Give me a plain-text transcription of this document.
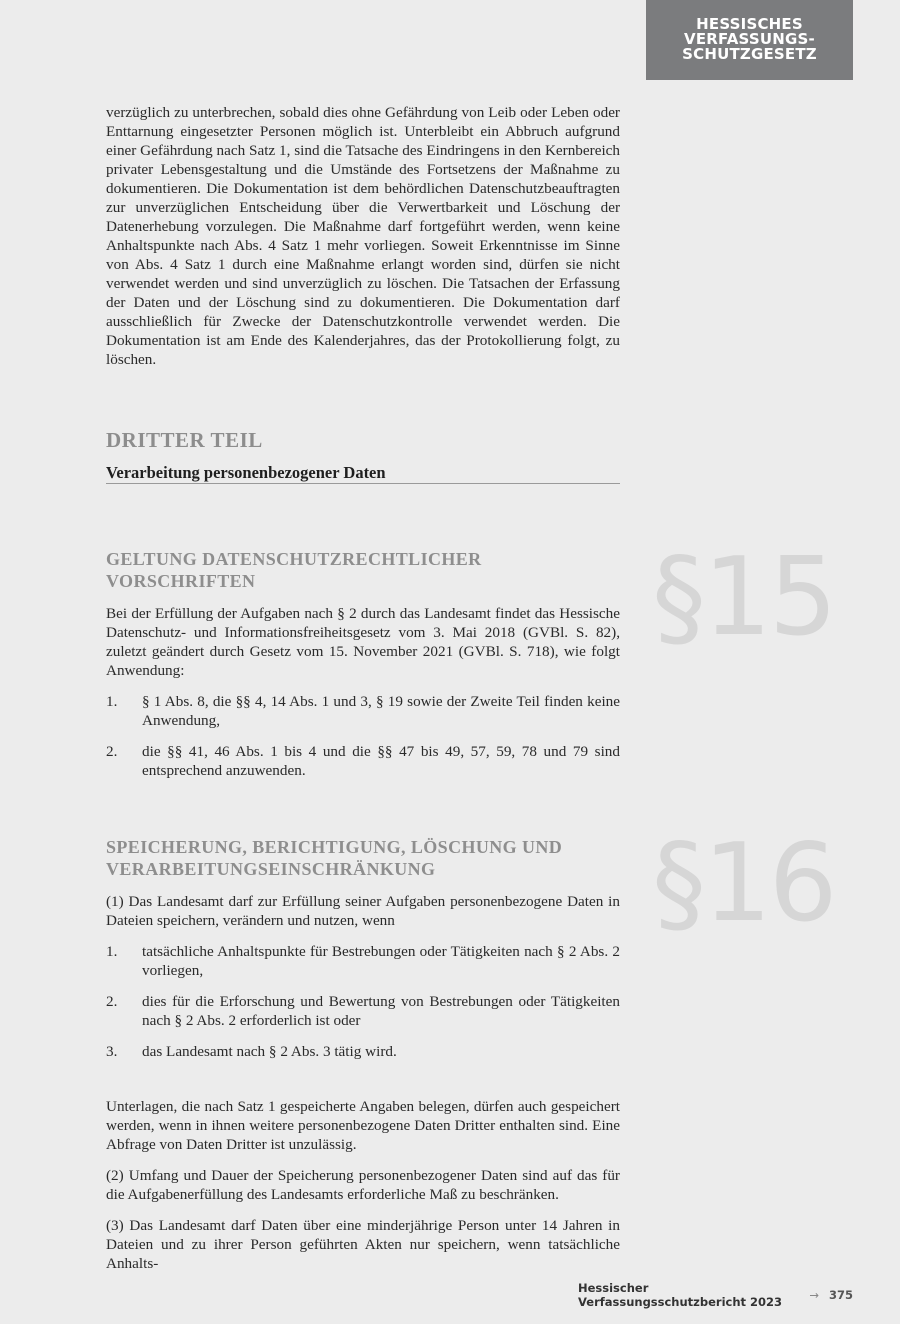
HESSISCHES
VERFASSUNGS-
SCHUTZGESETZ

verzüglich zu unterbrechen, sobald dies ohne Gefährdung von Leib oder Leben oder Enttarnung eingesetzter Personen möglich ist. Unterbleibt ein Abbruch aufgrund einer Gefährdung nach Satz 1, sind die Tatsache des Eindringens in den Kernbereich privater Lebensgestaltung und die Umstände des Fortsetzens der Maßnahme zu dokumentieren. Die Dokumentation ist dem behördlichen Datenschutzbeauftragten zur unverzüglichen Entscheidung über die Verwertbarkeit und Löschung der Datenerhebung vorzulegen. Die Maßnahme darf fortgeführt werden, wenn keine Anhaltspunkte nach Abs. 4 Satz 1 mehr vorliegen. Soweit Erkenntnisse im Sinne von Abs. 4 Satz 1 durch eine Maßnahme erlangt worden sind, dürfen sie nicht verwendet werden und sind unverzüglich zu löschen. Die Tatsachen der Erfassung der Daten und der Löschung sind zu dokumentieren. Die Dokumentation darf ausschließlich für Zwecke der Datenschutzkontrolle verwendet werden. Die Dokumentation ist am Ende des Kalenderjahres, das der Protokollierung folgt, zu löschen.

DRITTER TEIL

Verarbeitung personenbezogener Daten

§15

GELTUNG DATENSCHUTZRECHTLICHER
VORSCHRIFTEN

Bei der Erfüllung der Aufgaben nach § 2 durch das Landesamt findet das Hessische Datenschutz- und Informationsfreiheitsgesetz vom 3. Mai 2018 (GVBl. S. 82), zuletzt geändert durch Gesetz vom 15. November 2021 (GVBl. S. 718), wie folgt Anwendung:

1. § 1 Abs. 8, die §§ 4, 14 Abs. 1 und 3, § 19 sowie der Zweite Teil finden keine Anwendung,
2. die §§ 41, 46 Abs. 1 bis 4 und die §§ 47 bis 49, 57, 59, 78 und 79 sind entsprechend anzuwenden.
§16

SPEICHERUNG, BERICHTIGUNG, LÖSCHUNG UND
VERARBEITUNGSEINSCHRÄNKUNG

(1) Das Landesamt darf zur Erfüllung seiner Aufgaben personenbezogene Daten in Dateien speichern, verändern und nutzen, wenn

1. tatsächliche Anhaltspunkte für Bestrebungen oder Tätigkeiten nach § 2 Abs. 2 vorliegen,
2. dies für die Erforschung und Bewertung von Bestrebungen oder Tätigkeiten nach § 2 Abs. 2 erforderlich ist oder
3. das Landesamt nach § 2 Abs. 3 tätig wird.

Unterlagen, die nach Satz 1 gespeicherte Angaben belegen, dürfen auch gespeichert werden, wenn in ihnen weitere personenbezogene Daten Dritter enthalten sind. Eine Abfrage von Daten Dritter ist unzulässig.

(2) Umfang und Dauer der Speicherung personenbezogener Daten sind auf das für die Aufgabenerfüllung des Landesamts erforderliche Maß zu beschränken.

(3) Das Landesamt darf Daten über eine minderjährige Person unter 14 Jahren in Dateien und zu ihrer Person geführten Akten nur speichern, wenn tatsächliche Anhalts-

Hessischer Verfassungsschutzbericht 2023	→ 375
